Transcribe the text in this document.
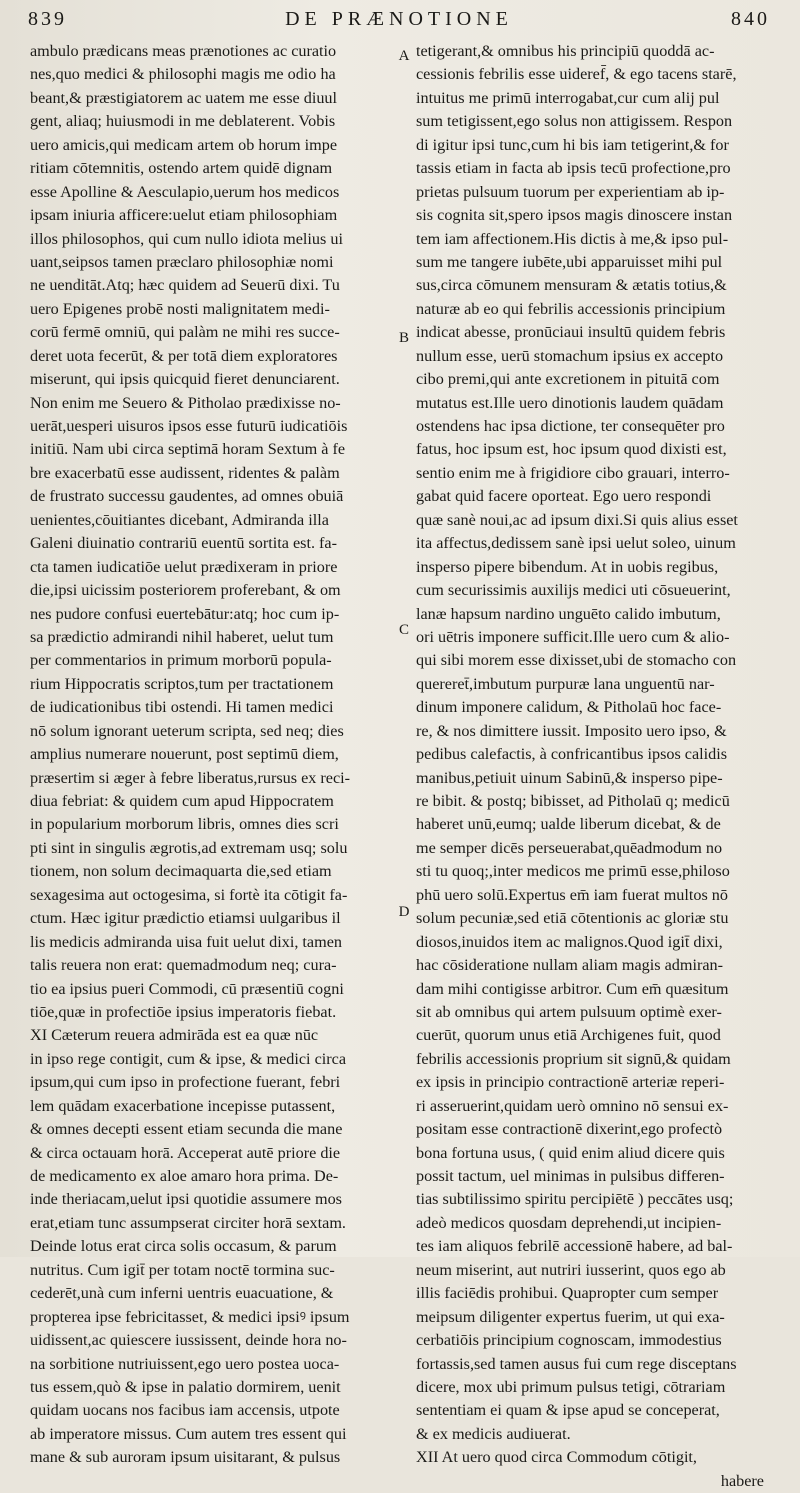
839	DE PRÆNOTIONE	840
ambulo prædicans meas prænotiones ac curatio
nes,quo medici & philosophi magis me odio ha
beant,& præstigiatorem ac uatem me esse diuul
gent, aliaq; huiusmodi in me deblaterent. Vobis
uero amicis,qui medicam artem ob horum impe
ritiam cōtemnitis, ostendo artem quidē dignam
esse Apolline & Aesculapio,uerum hos medicos
ipsam iniuria afficere:uelut etiam philosophiam
illos philosophos, qui cum nullo idiota melius ui
uant,seipsos tamen præclaro philosophiæ nomi
ne uenditāt.Atq; hæc quidem ad Seuerū dixi. Tu
uero Epigenes probē nosti malignitatem medi-
corū fermē omniū, qui palàm ne mihi res succe-
deret uota fecerūt, & per totā diem exploratores
miserunt, qui ipsis quicquid fieret denunciarent.
Non enim me Seuero & Pitholao prædixisse no-
uerāt,uesperi uisuros ipsos esse futurū iudicatiōis
initiū. Nam ubi circa septimā horam Sextum à fe
bre exacerbatū esse audissent, ridentes & palàm
de frustrato successu gaudentes, ad omnes obuiā
uenientes,cōuitiantes dicebant, Admiranda illa
Galeni diuinatio contrariū euentū sortita est. fa-
cta tamen iudicatiōe uelut prædixeram in priore
die,ipsi uicissim posteriorem proferebant, & om
nes pudore confusi euertebātur:atq; hoc cum ip-
sa prædictio admirandi nihil haberet, uelut tum
per commentarios in primum morborū popula-
rium Hippocratis scriptos,tum per tractationem
de iudicationibus tibi ostendi. Hi tamen medici
nō solum ignorant ueterum scripta, sed neq; dies
amplius numerare nouerunt, post septimū diem,
præsertim si æger à febre liberatus,rursus ex reci-
diua febriat: & quidem cum apud Hippocratem
in popularium morborum libris, omnes dies scri
pti sint in singulis ægrotis,ad extremam usq; solu
tionem, non solum decimaquarta die,sed etiam
sexagesima aut octogesima, si fortè ita cōtigit fa-
ctum. Hæc igitur prædictio etiamsi uulgaribus il
lis medicis admiranda uisa fuit uelut dixi, tamen
talis reuera non erat: quemadmodum neq; cura-
tio ea ipsius pueri Commodi, cū præsentiū cogni
tiōe,quæ in profectiōe ipsius imperatoris fiebat.
XI Cæterum reuera admirāda est ea quæ nūc
in ipso rege contigit, cum & ipse, & medici circa
ipsum,qui cum ipso in profectione fuerant, febri
lem quādam exacerbatione incepisse putassent,
& omnes decepti essent etiam secunda die mane
& circa octauam horā. Acceperat autē priore die
de medicamento ex aloe amaro hora prima. De-
inde theriacam,uelut ipsi quotidie assumere mos
erat,etiam tunc assumpserat circiter horā sextam.
Deinde lotus erat circa solis occasum, & parum
nutritus. Cum igit̄ per totam noctē tormina suc-
cederēt,unà cum inferni uentris euacuatione, &
propterea ipse febricitasset, & medici ipsiꝰ ipsum
uidissent,ac quiescere iussissent, deinde hora no-
na sorbitione nutriuissent,ego uero postea uoca-
tus essem,quò & ipse in palatio dormirem, uenit
quidam uocans nos facibus iam accensis, utpote
ab imperatore missus. Cum autem tres essent qui
mane & sub auroram ipsum uisitarant, & pulsus
A
B
C
D
tetigerant,& omnibus his principiū quoddā ac-
cessionis febrilis esse uideref̄, & ego tacens starē,
intuitus me primū interrogabat,cur cum alij pul
sum tetigissent,ego solus non attigissem. Respon
di igitur ipsi tunc,cum hi bis iam tetigerint,& for
tassis etiam in facta ab ipsis tecū profectione,pro
prietas pulsuum tuorum per experientiam ab ip-
sis cognita sit,spero ipsos magis dinoscere instan
tem iam affectionem.His dictis à me,& ipso pul-
sum me tangere iubēte,ubi apparuisset mihi pul
sus,circa cōmunem mensuram & ætatis totius,&
naturæ ab eo qui febrilis accessionis principium
indicat abesse, pronūciaui insultū quidem febris
nullum esse, uerū stomachum ipsius ex accepto
cibo premi,qui ante excretionem in pituitā com
mutatus est.Ille uero dinotionis laudem quādam
ostendens hac ipsa dictione, ter consequēter pro
fatus, hoc ipsum est, hoc ipsum quod dixisti est,
sentio enim me à frigidiore cibo grauari, interro-
gabat quid facere oporteat. Ego uero respondi
quæ sanè noui,ac ad ipsum dixi.Si quis alius esset
ita affectus,dedissem sanè ipsi uelut soleo, uinum
insperso pipere bibendum. At in uobis regibus,
cum securissimis auxilijs medici uti cōsueuerint,
lanæ hapsum nardino unguēto calido imbutum,
ori uētris imponere sufficit.Ille uero cum & alio-
qui sibi morem esse dixisset,ubi de stomacho con
quereret̄,imbutum purpuræ lana unguentū nar-
dinum imponere calidum, & Pitholaū hoc face-
re, & nos dimittere iussit. Imposito uero ipso, &
pedibus calefactis, à confricantibus ipsos calidis
manibus,petiuit uinum Sabinū,& insperso pipe-
re bibit. & postq; bibisset, ad Pitholaū q; medicū
haberet unū,eumq; ualde liberum dicebat, & de
me semper dicēs perseuerabat,quēadmodum no
sti tu quoq;,inter medicos me primū esse,philoso
phū uero solū.Expertus em̄ iam fuerat multos nō
solum pecuniæ,sed etiā cōtentionis ac gloriæ stu
diosos,inuidos item ac malignos.Quod igit̄ dixi,
hac cōsideratione nullam aliam magis admiran-
dam mihi contigisse arbitror. Cum em̄ quæsitum
sit ab omnibus qui artem pulsuum optimè exer-
cuerūt, quorum unus etiā Archigenes fuit, quod
febrilis accessionis proprium sit signū,& quidam
ex ipsis in principio contractionē arteriæ reperi-
ri asseruerint,quidam uerò omnino nō sensui ex-
positam esse contractionē dixerint,ego profectò
bona fortuna usus, ( quid enim aliud dicere quis
possit tactum, uel minimas in pulsibus differen-
tias subtilissimo spiritu percipiētē ) peccātes usq;
adeò medicos quosdam deprehendi,ut incipien-
tes iam aliquos febrilē accessionē habere, ad bal-
neum miserint, aut nutriri iusserint, quos ego ab
illis faciēdis prohibui. Quapropter cum semper
meipsum diligenter expertus fuerim, ut qui exa-
cerbatiōis principium cognoscam, immodestius
fortassis,sed tamen ausus fui cum rege disceptans
dicere, mox ubi primum pulsus tetigi, cōtrariam
sententiam ei quam & ipse apud se conceperat,
& ex medicis audiuerat.
XII At uero quod circa Commodum cōtigit,
habere
